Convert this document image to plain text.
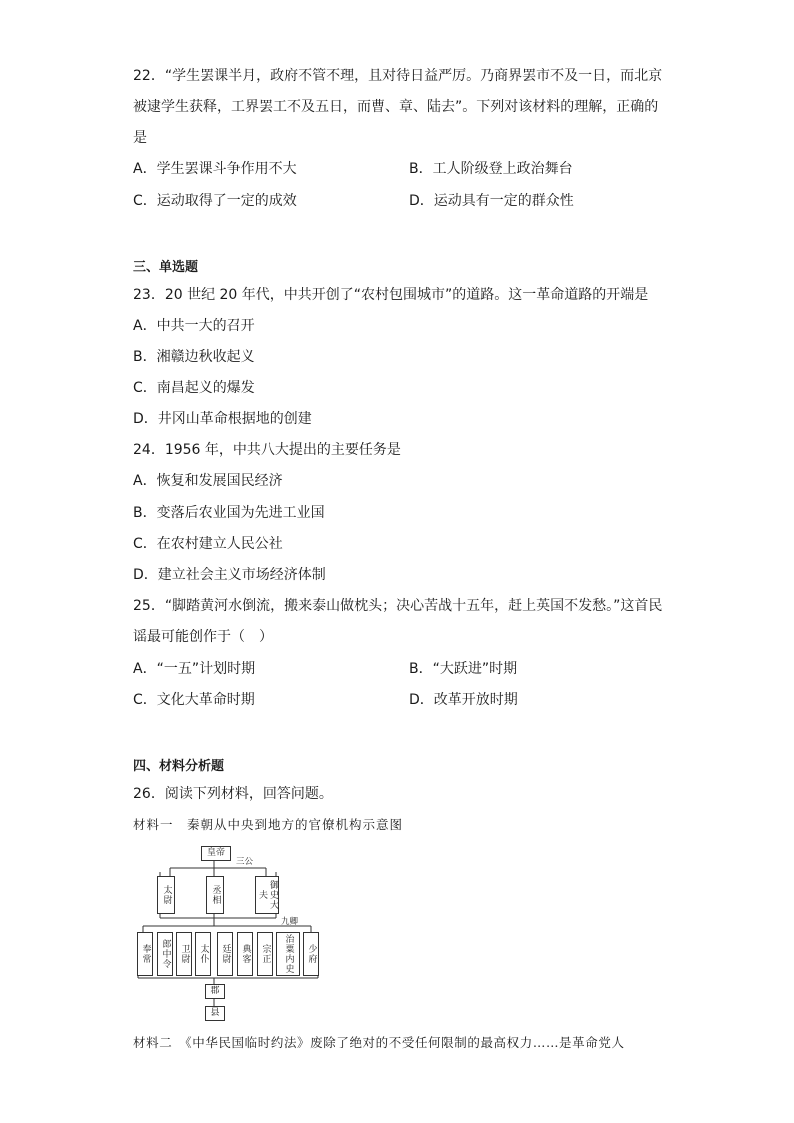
22．“学生罢课半月，政府不管不理，且对待日益严厉。乃商界罢市不及一日，而北京
被逮学生获释，工界罢工不及五日，而曹、章、陆去”。下列对该材料的理解，正确的
是
A．学生罢课斗争作用不大	B．工人阶级登上政治舞台
C．运动取得了一定的成效	D．运动具有一定的群众性
三、单选题
23．20 世纪 20 年代，中共开创了“农村包围城市”的道路。这一革命道路的开端是
A．中共一大的召开
B．湘赣边秋收起义
C．南昌起义的爆发
D．井冈山革命根据地的创建
24．1956 年，中共八大提出的主要任务是
A．恢复和发展国民经济
B．变落后农业国为先进工业国
C．在农村建立人民公社
D．建立社会主义市场经济体制
25．“脚踏黄河水倒流，搬来泰山做枕头；决心苦战十五年，赶上英国不发愁。”这首民
谣最可能创作于（　）
A．“一五”计划时期	B．“大跃进”时期
C．文化大革命时期	D．改革开放时期
四、材料分析题
26．阅读下列材料，回答问题。
材料一　秦朝从中央到地方的官僚机构示意图
皇帝
三公
太尉	丞相	御史大夫
九卿
奉常	郎中令	卫尉	太仆	廷尉	典客	宗正	治粟内史	少府
郡
县
材料二　《中华民国临时约法》废除了绝对的不受任何限制的最高权力……是革命党人
